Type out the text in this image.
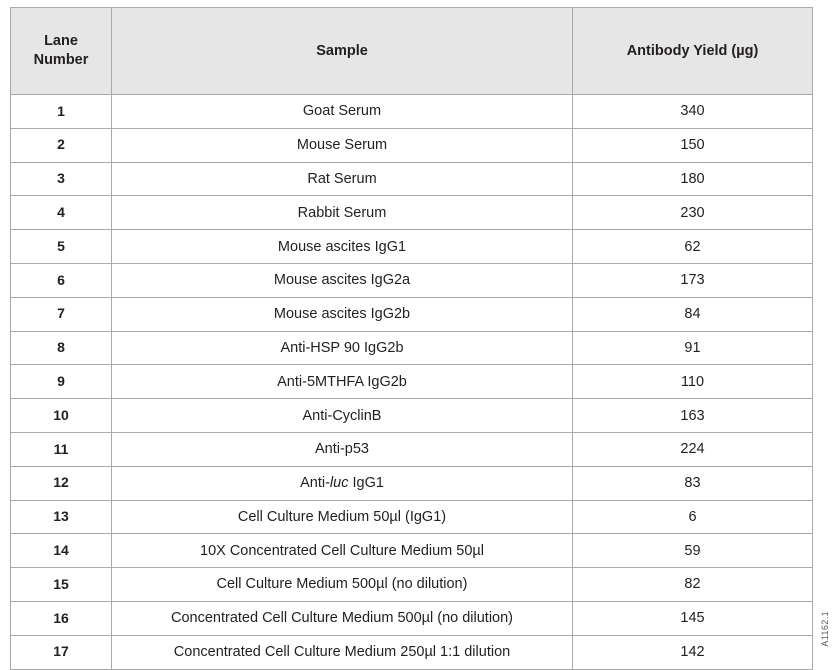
Lane
Number	Sample	Antibody Yield (µg)
1	Goat Serum	340
2	Mouse Serum	150
3	Rat Serum	180
4	Rabbit Serum	230
5	Mouse ascites IgG1	62
6	Mouse ascites IgG2a	173
7	Mouse ascites IgG2b	84
8	Anti-HSP 90 IgG2b	91
9	Anti-5MTHFA IgG2b	110
10	Anti-CyclinB	163
11	Anti-p53	224
12	Anti-luc IgG1	83
13	Cell Culture Medium 50µl (IgG1)	6
14	10X Concentrated Cell Culture Medium 50µl	59
15	Cell Culture Medium 500µl (no dilution)	82
16	Concentrated Cell Culture Medium 500µl (no dilution)	145
17	Concentrated Cell Culture Medium 250µl 1:1 dilution	142
A1162.1
